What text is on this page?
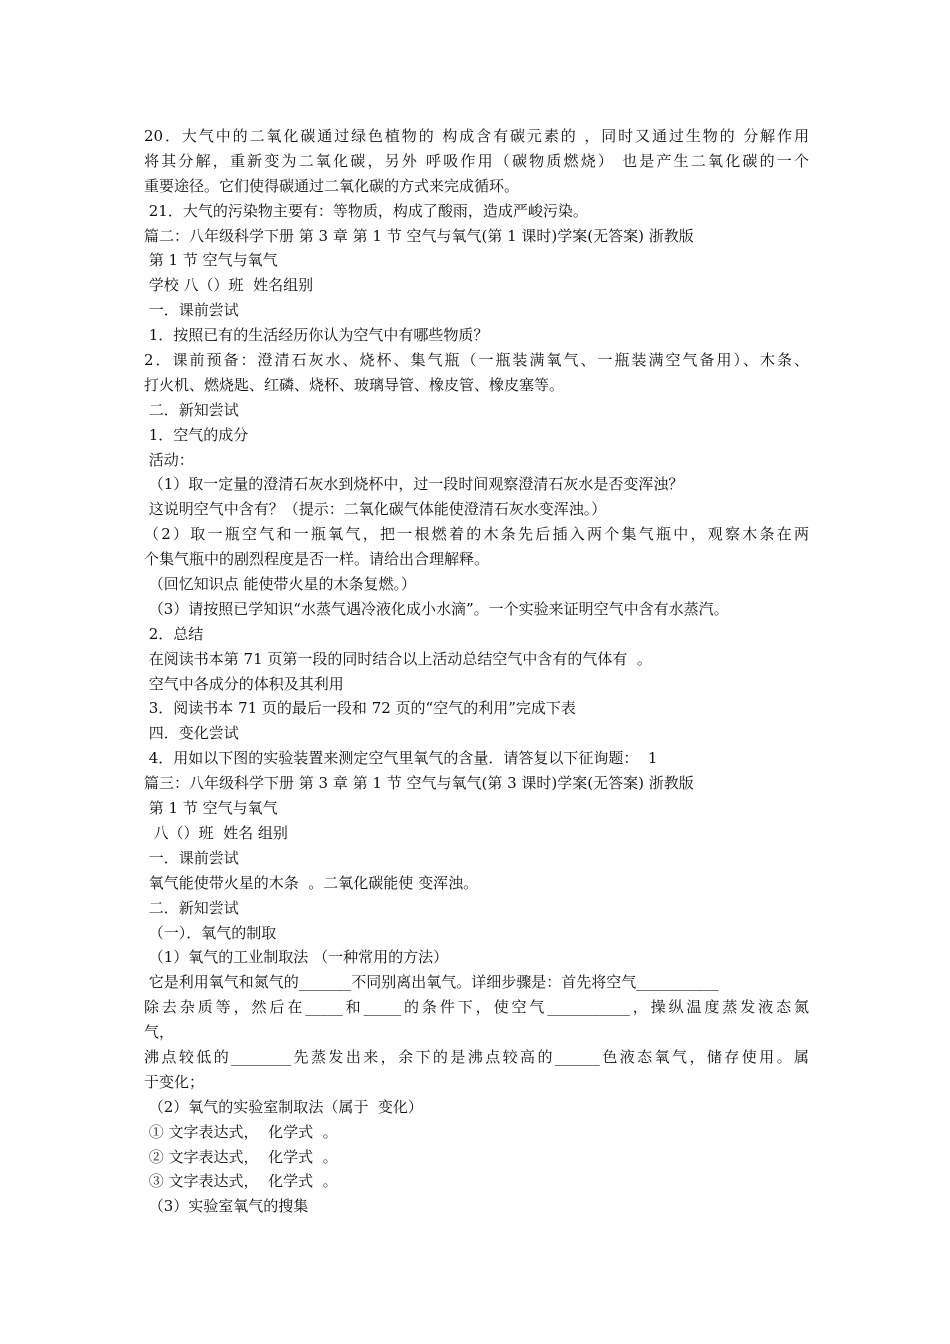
20．大气中的二氧化碳通过绿色植物的 构成含有碳元素的 ，同时又通过生物的 分解作用
将其分解，重新变为二氧化碳，另外 呼吸作用（碳物质燃烧） 也是产生二氧化碳的一个
重要途径。它们使得碳通过二氧化碳的方式来完成循环。
21．大气的污染物主要有：等物质，构成了酸雨，造成严峻污染。
篇二：八年级科学下册 第 3 章 第 1 节 空气与氧气(第 1 课时)学案(无答案) 浙教版
第 1 节 空气与氧气
学校 八（）班  姓名组别
一．课前尝试
1．按照已有的生活经历你认为空气中有哪些物质？
2．课前预备：澄清石灰水、烧杯、集气瓶（一瓶装满氧气、一瓶装满空气备用）、木条、
打火机、燃烧匙、红磷、烧杯、玻璃导管、橡皮管、橡皮塞等。
二．新知尝试
1．空气的成分
活动：
（1）取一定量的澄清石灰水到烧杯中，过一段时间观察澄清石灰水是否变浑浊？
这说明空气中含有？（提示：二氧化碳气体能使澄清石灰水变浑浊。）
（2）取一瓶空气和一瓶氧气，把一根燃着的木条先后插入两个集气瓶中，观察木条在两
个集气瓶中的剧烈程度是否一样。请给出合理解释。
（回忆知识点 能使带火星的木条复燃。）
（3）请按照已学知识“水蒸气遇冷液化成小水滴”。一个实验来证明空气中含有水蒸汽。
2．总结
在阅读书本第 71 页第一段的同时结合以上活动总结空气中含有的气体有  。
空气中各成分的体积及其利用
3．阅读书本 71 页的最后一段和 72 页的“空气的利用”完成下表
四．变化尝试
4．用如以下图的实验装置来测定空气里氧气的含量．请答复以下征询题：  1
篇三：八年级科学下册 第 3 章 第 1 节 空气与氧气(第 3 课时)学案(无答案) 浙教版
第 1 节 空气与氧气
八（）班  姓名 组别
一．课前尝试
氧气能使带火星的木条  。二氧化碳能使 变浑浊。
二．新知尝试
（一）．氧气的制取
（1）氧气的工业制取法 （一种常用的方法）
它是利用氧气和氮气的_______不同别离出氧气。详细步骤是：首先将空气___________
除去杂质等，然后在_____和_____的条件下，使空气___________，操纵温度蒸发液态氮
气，
沸点较低的________先蒸发出来，余下的是沸点较高的______色液态氧气，储存使用。属
于变化；
（2）氧气的实验室制取法（属于  变化）
① 文字表达式，  化学式  。
② 文字表达式，  化学式  。
③ 文字表达式，  化学式  。
（3）实验室氧气的搜集
